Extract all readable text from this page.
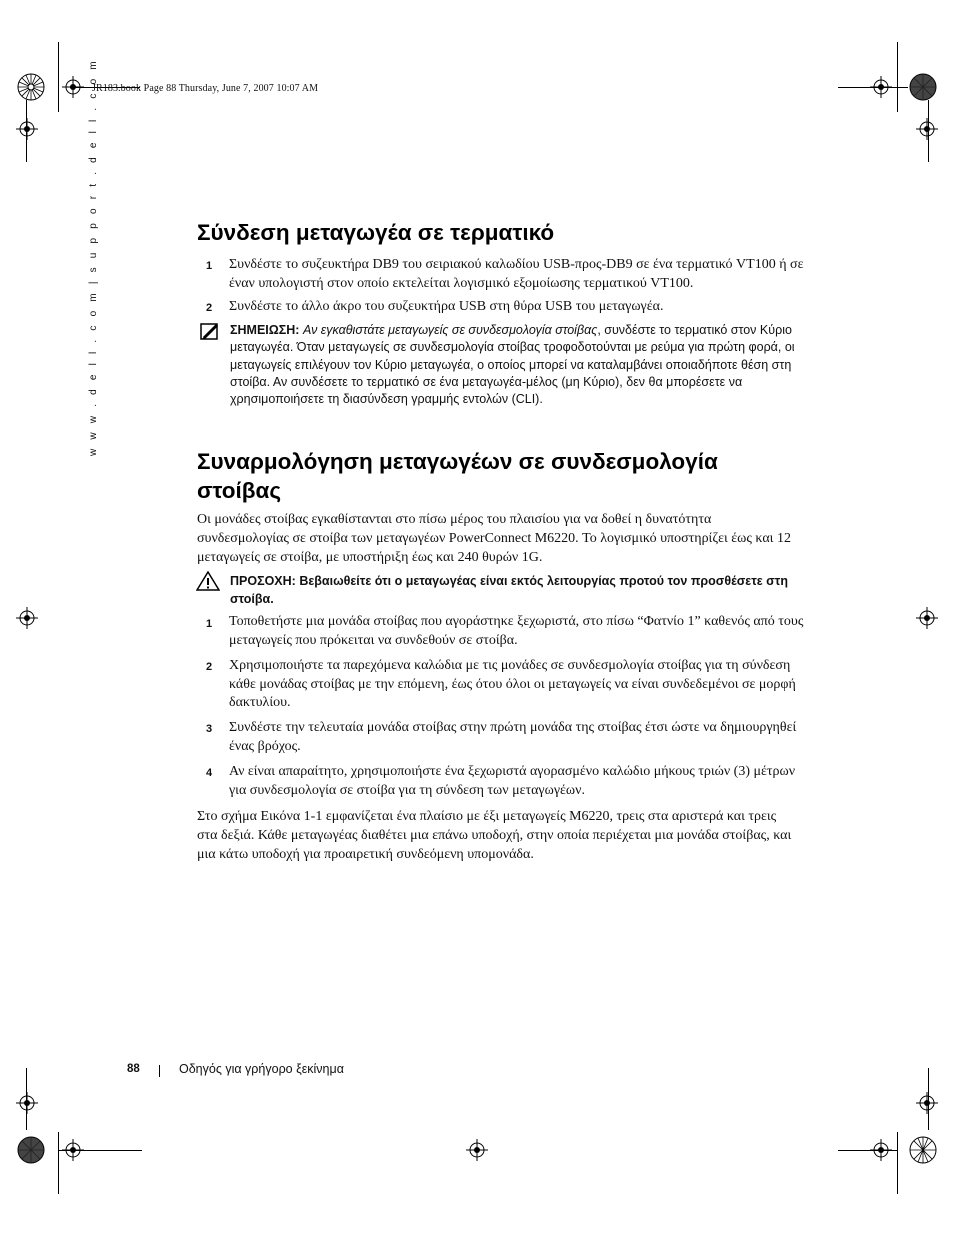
JR183.book Page 88 Thursday, June 7, 2007 10:07 AM
w w w . d e l l . c o m | s u p p o r t . d e l l . c o m	Σύνδεση μεταγωγέα σε τερματικό
1 Συνδέστε το συζευκτήρα DB9 του σειριακού καλωδίου USB-προς-DB9 σε ένα τερματικό VT100 ή σε έναν υπολογιστή στον οποίο εκτελείται λογισμικό εξομοίωσης τερματικού VT100.
2 Συνδέστε το άλλο άκρο του συζευκτήρα USB στη θύρα USB του μεταγωγέα.
ΣΗΜΕΙΩΣΗ: Αν εγκαθιστάτε μεταγωγείς σε συνδεσμολογία στοίβας, συνδέστε το τερματικό στον Κύριο μεταγωγέα. Όταν μεταγωγείς σε συνδεσμολογία στοίβας τροφοδοτούνται με ρεύμα για πρώτη φορά, οι μεταγωγείς επιλέγουν τον Κύριο μεταγωγέα, ο οποίος μπορεί να καταλαμβάνει οποιαδήποτε θέση στη στοίβα. Αν συνδέσετε το τερματικό σε ένα μεταγωγέα-μέλος (μη Κύριο), δεν θα μπορέσετε να χρησιμοποιήσετε τη διασύνδεση γραμμής εντολών (CLI).
Συναρμολόγηση μεταγωγέων σε συνδεσμολογία
στοίβας
Οι μονάδες στοίβας εγκαθίστανται στο πίσω μέρος του πλαισίου για να δοθεί η δυνατότητα συνδεσμολογίας σε στοίβα των μεταγωγέων PowerConnect M6220. Το λογισμικό υποστηρίζει έως και 12 μεταγωγείς σε στοίβα, με υποστήριξη έως και 240 θυρών 1G.
ΠΡΟΣΟΧΗ: Βεβαιωθείτε ότι ο μεταγωγέας είναι εκτός λειτουργίας προτού τον προσθέσετε στη στοίβα.
1 Τοποθετήστε μια μονάδα στοίβας που αγοράστηκε ξεχωριστά, στο πίσω “Φατνίο 1” καθενός από τους μεταγωγείς που πρόκειται να συνδεθούν σε στοίβα.
2 Χρησιμοποιήστε τα παρεχόμενα καλώδια με τις μονάδες σε συνδεσμολογία στοίβας για τη σύνδεση κάθε μονάδας στοίβας με την επόμενη, έως ότου όλοι οι μεταγωγείς να είναι συνδεδεμένοι σε μορφή δακτυλίου.
3 Συνδέστε την τελευταία μονάδα στοίβας στην πρώτη μονάδα της στοίβας έτσι ώστε να δημιουργηθεί ένας βρόχος.
4 Αν είναι απαραίτητο, χρησιμοποιήστε ένα ξεχωριστά αγορασμένο καλώδιο μήκους τριών (3) μέτρων για συνδεσμολογία σε στοίβα για τη σύνδεση των μεταγωγέων.
Στο σχήμα Εικόνα 1-1 εμφανίζεται ένα πλαίσιο με έξι μεταγωγείς M6220, τρεις στα αριστερά και τρεις στα δεξιά. Κάθε μεταγωγέας διαθέτει μια επάνω υποδοχή, στην οποία περιέχεται μια μονάδα στοίβας, και μια κάτω υποδοχή για προαιρετική συνδεόμενη υπομονάδα.
88	Οδηγός για γρήγορο ξεκίνημα
